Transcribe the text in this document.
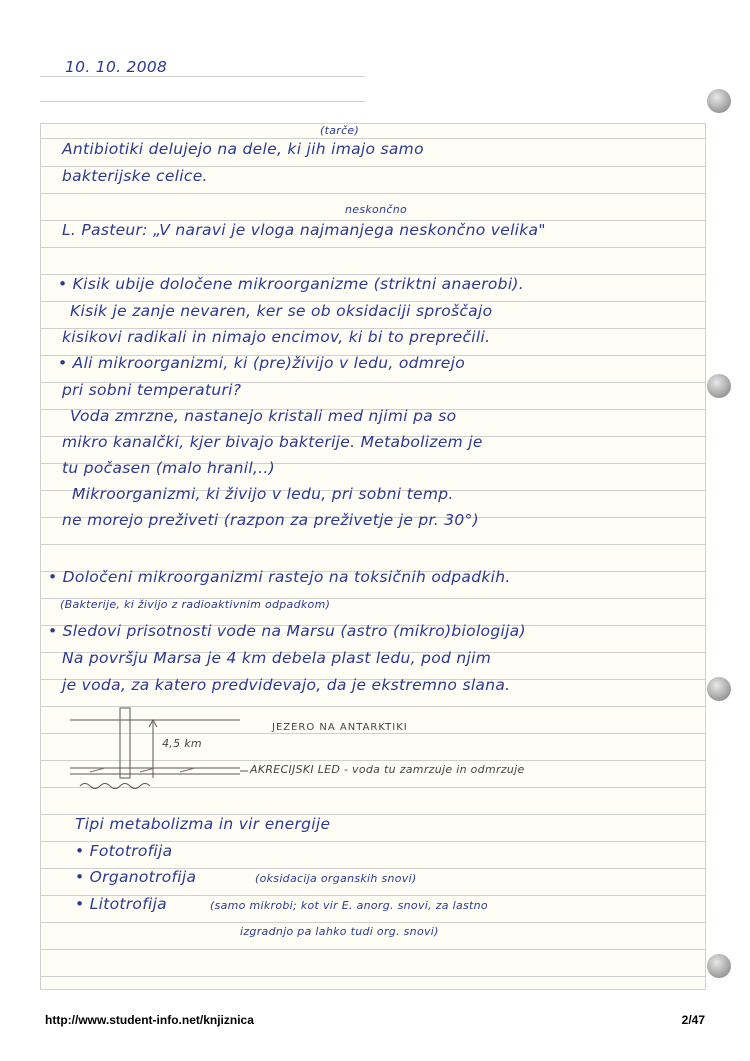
10. 10. 2008
(tarče)
Antibiotiki delujejo na dele, ki jih imajo samo
bakterijske celice.
neskončno
L. Pasteur: „V naravi je vloga najmanjega neskončno velika"
• Kisik ubije določene mikroorganizme (striktni anaerobi).
Kisik je zanje nevaren, ker se ob oksidaciji sproščajo
kisikovi radikali in nimajo encimov, ki bi to preprečili.
• Ali mikroorganizmi, ki (pre)živijo v ledu, odmrejo
pri sobni temperaturi?
Voda zmrzne, nastanejo kristali med njimi pa so
mikro kanalčki, kjer bivajo bakterije. Metabolizem je
tu počasen (malo hranil,..)
Mikroorganizmi, ki živijo v ledu, pri sobni temp.
ne morejo preživeti (razpon za preživetje je pr. 30°)
• Določeni mikroorganizmi rastejo na toksičnih odpadkih.
(Bakterije, ki živijo z radioaktivnim odpadkom)
• Sledovi prisotnosti vode na Marsu (astro (mikro)biologija)
Na površju Marsa je 4 km debela plast ledu, pod njim
je voda, za katero predvidevajo, da je ekstremno slana.
JEZERO NA ANTARKTIKI
4,5 km
AKRECIJSKI LED - voda tu zamrzuje in odmrzuje
Tipi metabolizma in vir energije
• Fototrofija
• Organotrofija	(oksidacija organskih snovi)
• Litotrofija	(samo mikrobi; kot vir E. anorg. snovi, za lastno
izgradnjo pa lahko tudi org. snovi)
http://www.student-info.net/knjiznica	2/47
